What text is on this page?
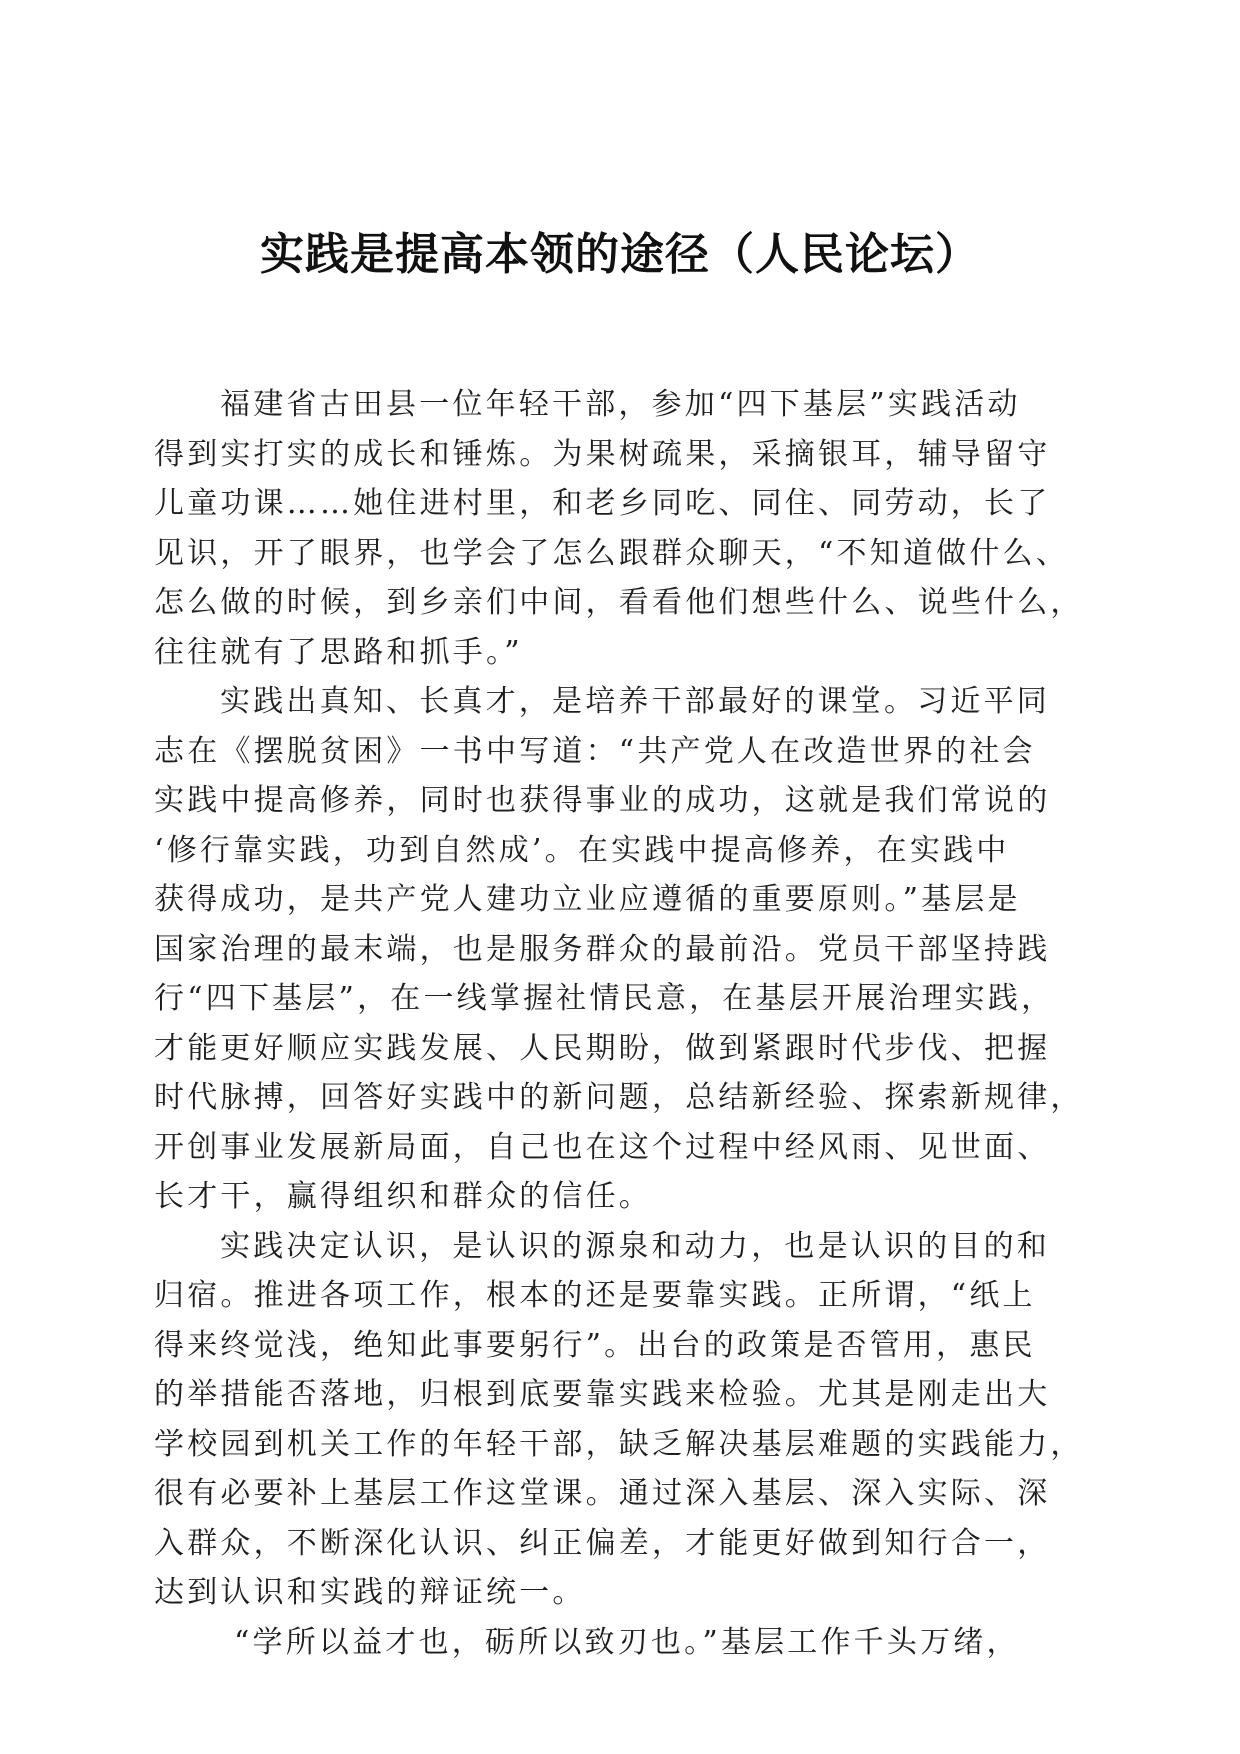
实践是提高本领的途径（人民论坛）
福建省古田县一位年轻干部，参加“四下基层”实践活动
得到实打实的成长和锤炼。为果树疏果，采摘银耳，辅导留守
儿童功课……她住进村里，和老乡同吃、同住、同劳动，长了
见识，开了眼界，也学会了怎么跟群众聊天，“不知道做什么、
怎么做的时候，到乡亲们中间，看看他们想些什么、说些什么，
往往就有了思路和抓手。”
实践出真知、长真才，是培养干部最好的课堂。习近平同
志在《摆脱贫困》一书中写道：“共产党人在改造世界的社会
实践中提高修养，同时也获得事业的成功，这就是我们常说的
‘修行靠实践，功到自然成’。在实践中提高修养，在实践中
获得成功，是共产党人建功立业应遵循的重要原则。”基层是
国家治理的最末端，也是服务群众的最前沿。党员干部坚持践
行“四下基层”，在一线掌握社情民意，在基层开展治理实践，
才能更好顺应实践发展、人民期盼，做到紧跟时代步伐、把握
时代脉搏，回答好实践中的新问题，总结新经验、探索新规律，
开创事业发展新局面，自己也在这个过程中经风雨、见世面、
长才干，赢得组织和群众的信任。
实践决定认识，是认识的源泉和动力，也是认识的目的和
归宿。推进各项工作，根本的还是要靠实践。正所谓，“纸上
得来终觉浅，绝知此事要躬行”。出台的政策是否管用，惠民
的举措能否落地，归根到底要靠实践来检验。尤其是刚走出大
学校园到机关工作的年轻干部，缺乏解决基层难题的实践能力，
很有必要补上基层工作这堂课。通过深入基层、深入实际、深
入群众，不断深化认识、纠正偏差，才能更好做到知行合一，
达到认识和实践的辩证统一。
“学所以益才也，砺所以致刃也。”基层工作千头万绪，
